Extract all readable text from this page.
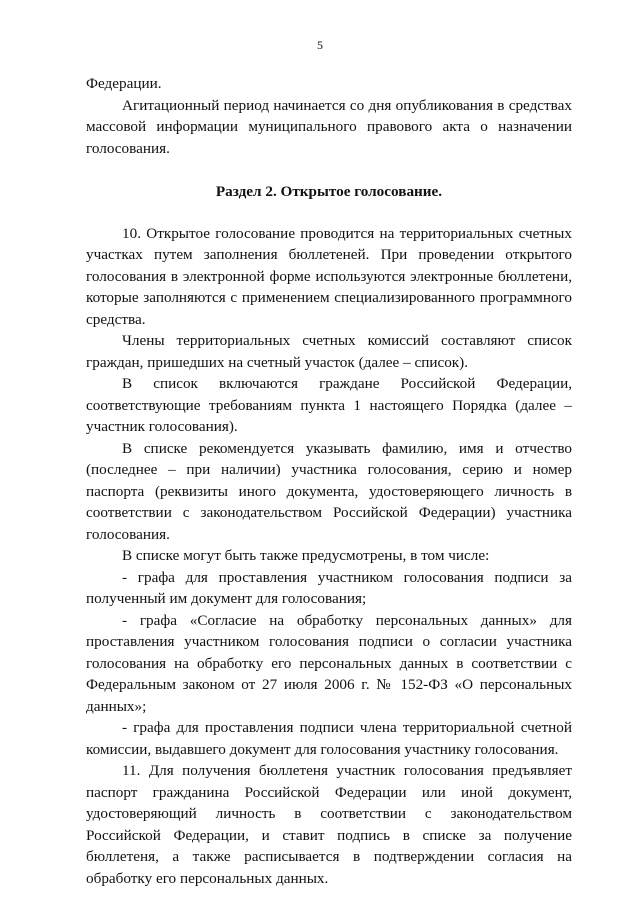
5

Федерации.

Агитационный период начинается со дня опубликования в средствах массовой информации муниципального правового акта о назначении голосования.

Раздел 2. Открытое голосование.

10. Открытое голосование проводится на территориальных счетных участках путем заполнения бюллетеней. При проведении открытого голосования в электронной форме используются электронные бюллетени, которые заполняются с применением специализированного программного средства.

Члены территориальных счетных комиссий составляют список граждан, пришедших на счетный участок (далее – список).

В список включаются граждане Российской Федерации, соответствующие требованиям пункта 1 настоящего Порядка (далее – участник голосования).

В списке рекомендуется указывать фамилию, имя и отчество (последнее – при наличии) участника голосования, серию и номер паспорта (реквизиты иного документа, удостоверяющего личность в соответствии с законодательством Российской Федерации) участника голосования.

В списке могут быть также предусмотрены, в том числе:

- графа для проставления участником голосования подписи за полученный им документ для голосования;

- графа «Согласие на обработку персональных данных» для проставления участником голосования подписи о согласии участника голосования на обработку его персональных данных в соответствии с Федеральным законом от 27 июля 2006 г. № 152-ФЗ «О персональных данных»;

- графа для проставления подписи члена территориальной счетной комиссии, выдавшего документ для голосования участнику голосования.

11. Для получения бюллетеня участник голосования предъявляет паспорт гражданина Российской Федерации или иной документ, удостоверяющий личность в соответствии с законодательством Российской Федерации, и ставит подпись в списке за получение бюллетеня, а также расписывается в подтверждении согласия на обработку его персональных данных.
